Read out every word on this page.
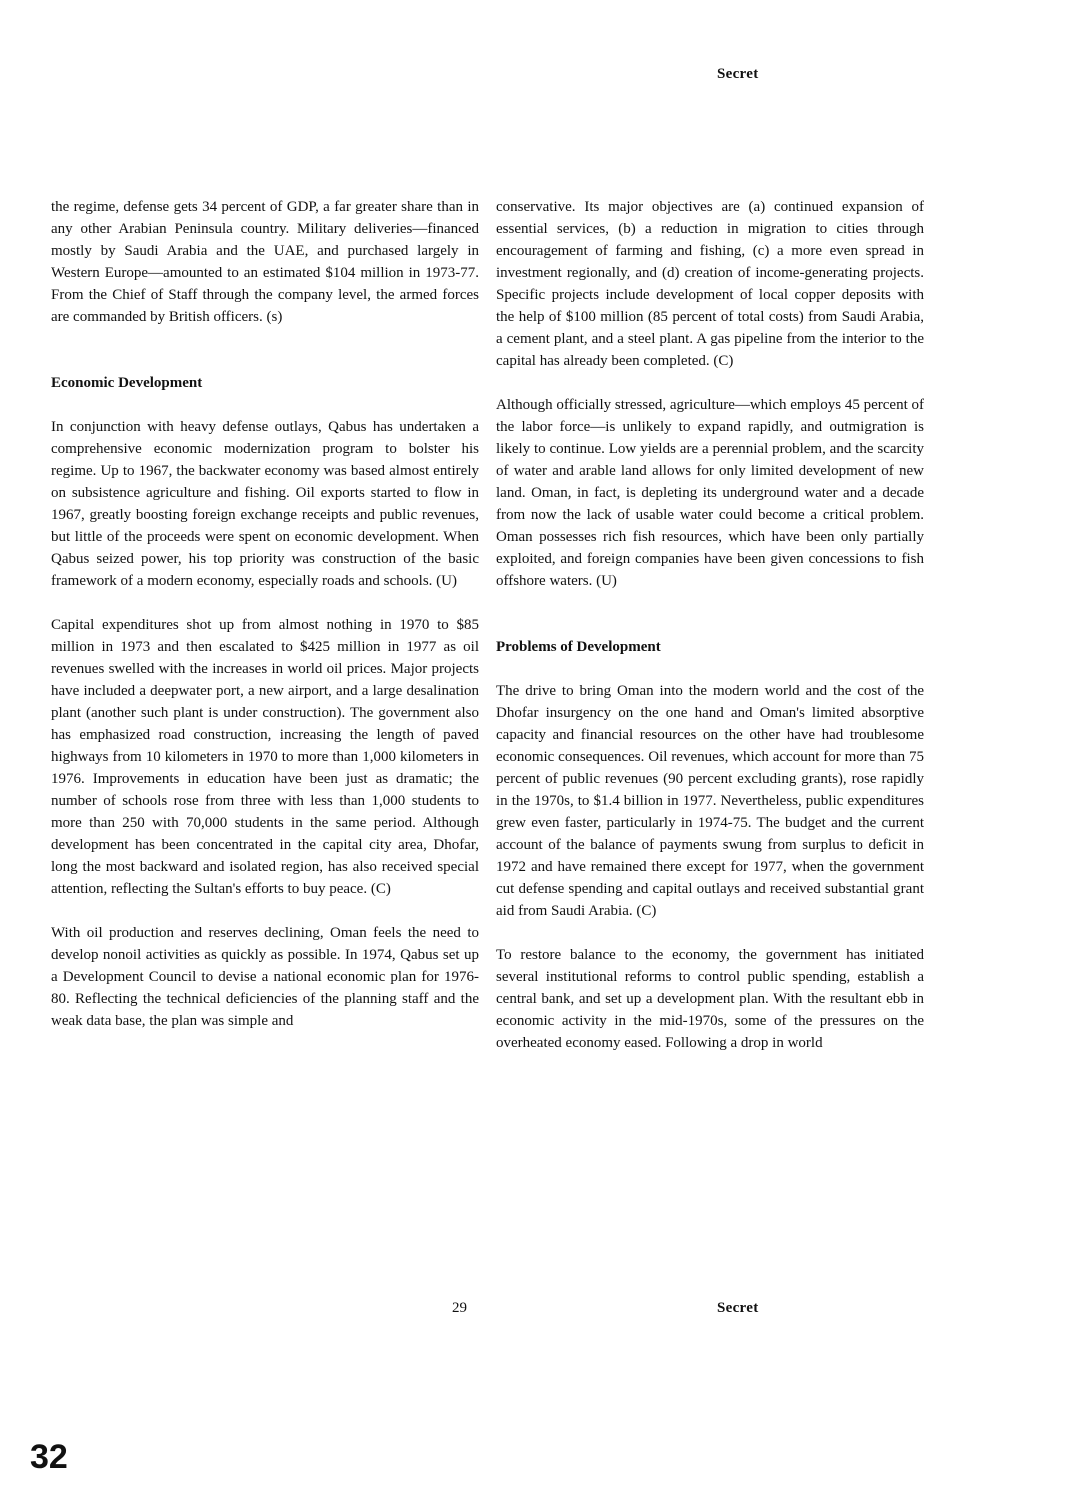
Secret

the regime, defense gets 34 percent of GDP, a far greater share than in any other Arabian Peninsula country. Military deliveries—financed mostly by Saudi Arabia and the UAE, and purchased largely in Western Europe—amounted to an estimated $104 million in 1973-77. From the Chief of Staff through the company level, the armed forces are commanded by British officers. (s)

Economic Development

In conjunction with heavy defense outlays, Qabus has undertaken a comprehensive economic modernization program to bolster his regime. Up to 1967, the backwater economy was based almost entirely on subsistence agriculture and fishing. Oil exports started to flow in 1967, greatly boosting foreign exchange receipts and public revenues, but little of the proceeds were spent on economic development. When Qabus seized power, his top priority was construction of the basic framework of a modern economy, especially roads and schools. (U)

Capital expenditures shot up from almost nothing in 1970 to $85 million in 1973 and then escalated to $425 million in 1977 as oil revenues swelled with the increases in world oil prices. Major projects have included a deepwater port, a new airport, and a large desalination plant (another such plant is under construction). The government also has emphasized road construction, increasing the length of paved highways from 10 kilometers in 1970 to more than 1,000 kilometers in 1976. Improvements in education have been just as dramatic; the number of schools rose from three with less than 1,000 students to more than 250 with 70,000 students in the same period. Although development has been concentrated in the capital city area, Dhofar, long the most backward and isolated region, has also received special attention, reflecting the Sultan's efforts to buy peace. (C)

With oil production and reserves declining, Oman feels the need to develop nonoil activities as quickly as possible. In 1974, Qabus set up a Development Council to devise a national economic plan for 1976-80. Reflecting the technical deficiencies of the planning staff and the weak data base, the plan was simple and

conservative. Its major objectives are (a) continued expansion of essential services, (b) a reduction in migration to cities through encouragement of farming and fishing, (c) a more even spread in investment regionally, and (d) creation of income-generating projects. Specific projects include development of local copper deposits with the help of $100 million (85 percent of total costs) from Saudi Arabia, a cement plant, and a steel plant. A gas pipeline from the interior to the capital has already been completed. (C)

Although officially stressed, agriculture—which employs 45 percent of the labor force—is unlikely to expand rapidly, and outmigration is likely to continue. Low yields are a perennial problem, and the scarcity of water and arable land allows for only limited development of new land. Oman, in fact, is depleting its underground water and a decade from now the lack of usable water could become a critical problem. Oman possesses rich fish resources, which have been only partially exploited, and foreign companies have been given concessions to fish offshore waters. (U)

Problems of Development

The drive to bring Oman into the modern world and the cost of the Dhofar insurgency on the one hand and Oman's limited absorptive capacity and financial resources on the other have had troublesome economic consequences. Oil revenues, which account for more than 75 percent of public revenues (90 percent excluding grants), rose rapidly in the 1970s, to $1.4 billion in 1977. Nevertheless, public expenditures grew even faster, particularly in 1974-75. The budget and the current account of the balance of payments swung from surplus to deficit in 1972 and have remained there except for 1977, when the government cut defense spending and capital outlays and received substantial grant aid from Saudi Arabia. (C)

To restore balance to the economy, the government has initiated several institutional reforms to control public spending, establish a central bank, and set up a development plan. With the resultant ebb in economic activity in the mid-1970s, some of the pressures on the overheated economy eased. Following a drop in world

29	Secret
32
